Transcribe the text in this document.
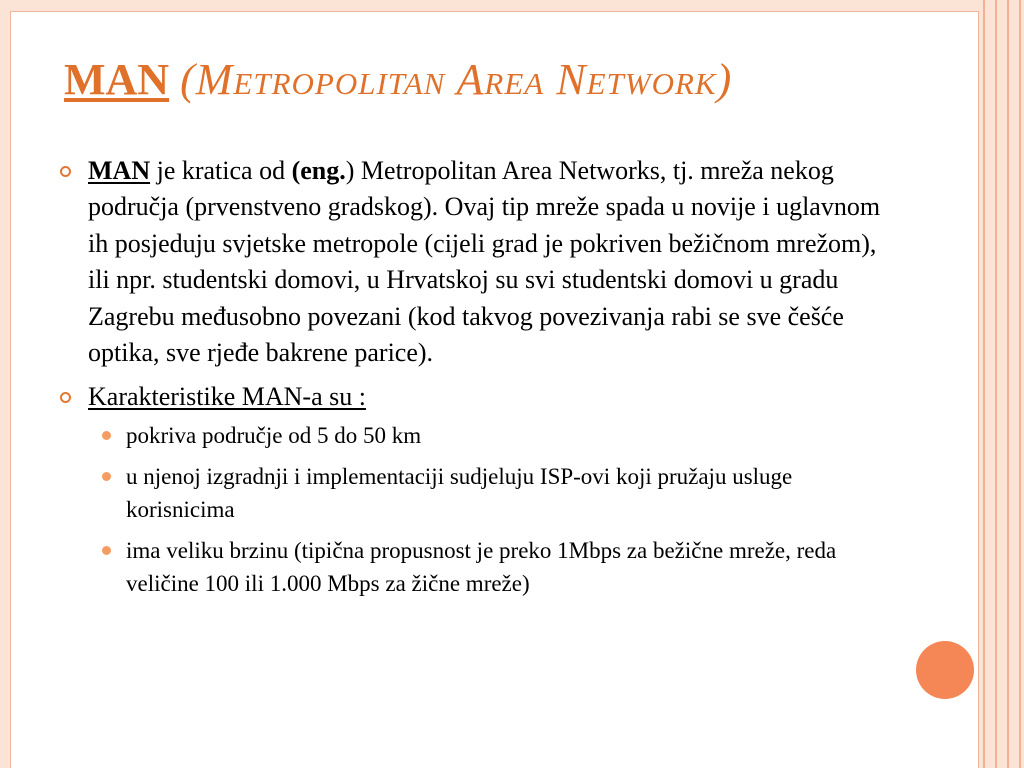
MAN (Metropolitan Area Network)
MAN je kratica od (eng.) Metropolitan Area Networks, tj. mreža nekog područja (prvenstveno gradskog). Ovaj tip mreže spada u novije i uglavnom ih posjeduju svjetske metropole (cijeli grad je pokriven bežičnom mrežom), ili npr. studentski domovi, u Hrvatskoj su svi studentski domovi u gradu Zagrebu međusobno povezani (kod takvog povezivanja rabi se sve češće optika, sve rjeđe bakrene parice).
Karakteristike MAN-a su :
pokriva područje od 5 do 50 km
u njenoj izgradnji i implementaciji sudjeluju ISP-ovi koji pružaju usluge korisnicima
ima veliku brzinu (tipična propusnost je preko 1Mbps za bežične mreže, reda veličine 100 ili 1.000 Mbps za žične mreže)
